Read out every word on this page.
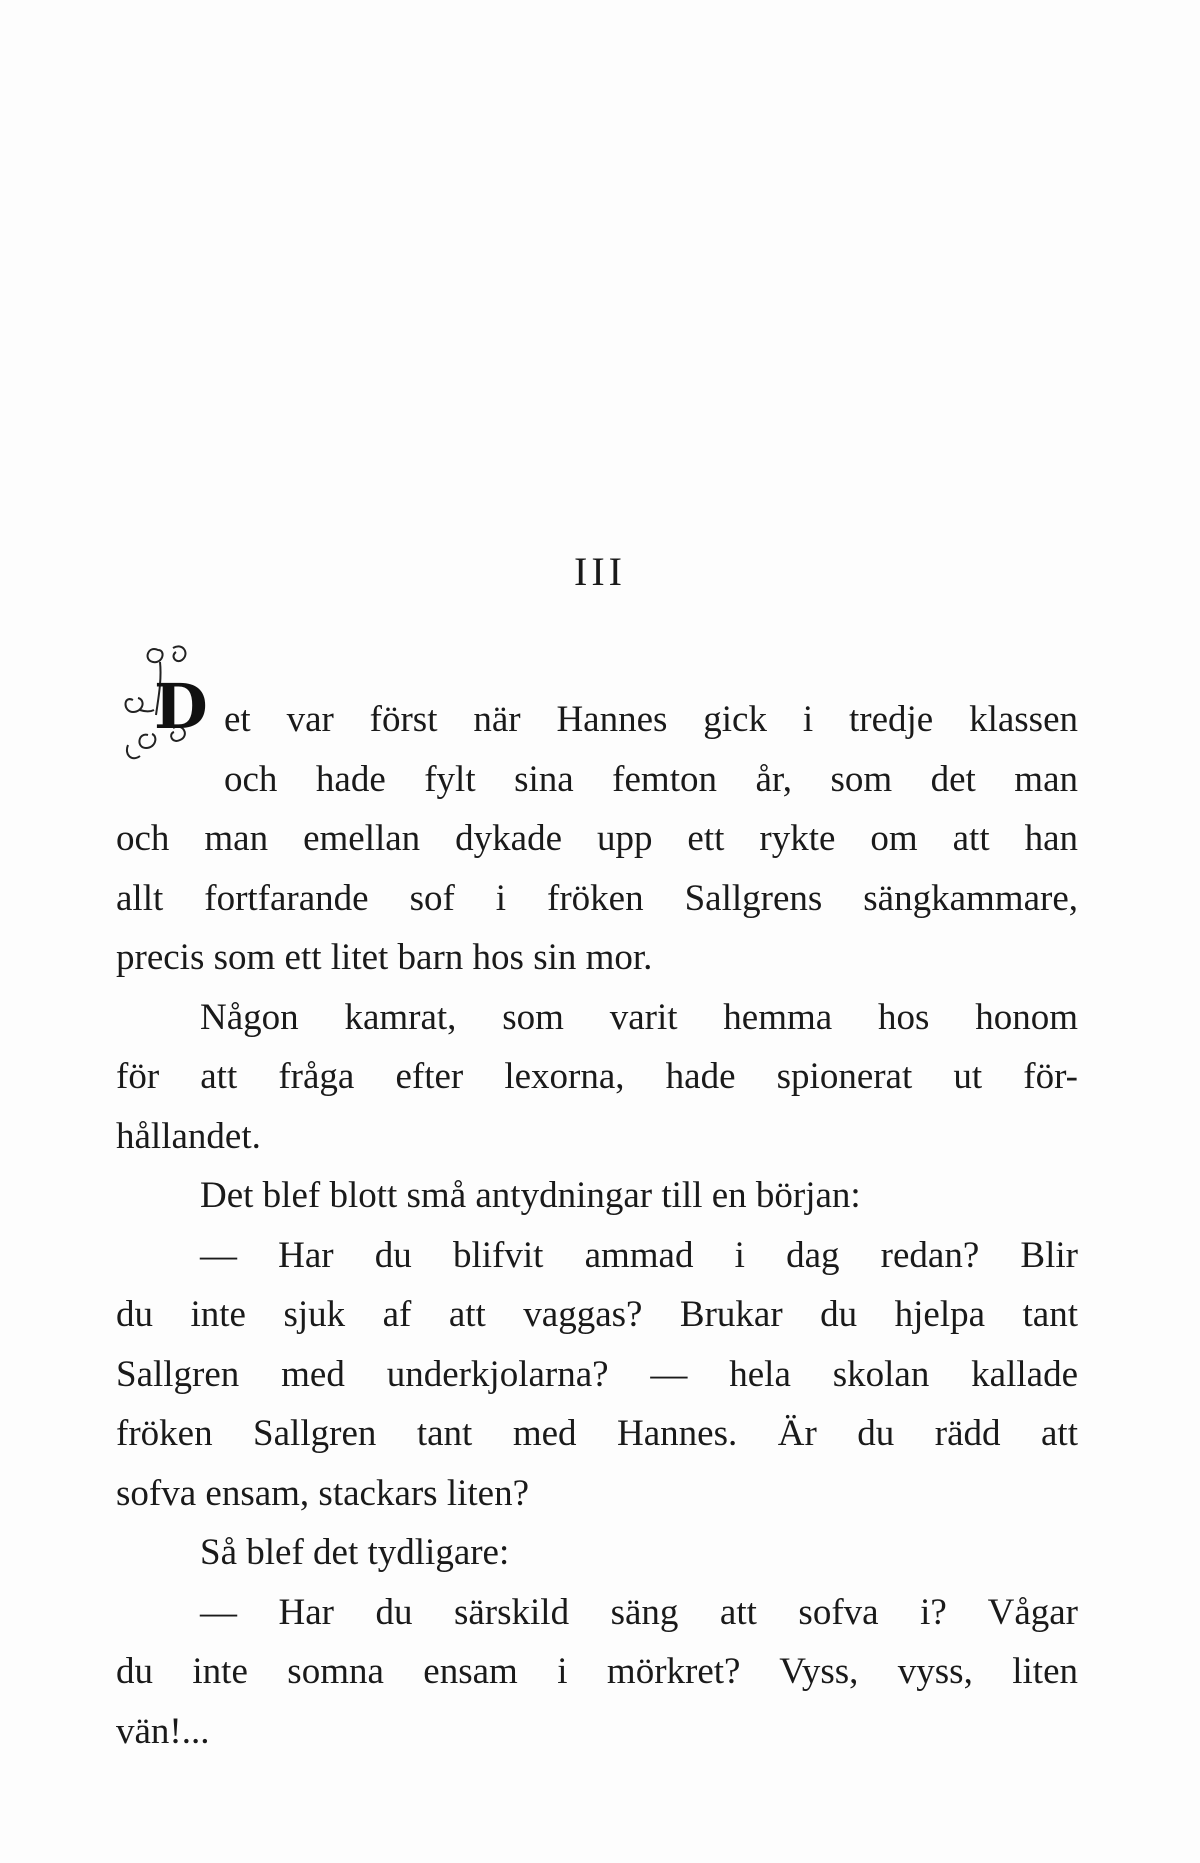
III
D et var först när Hannes gick i tredje klassen
och hade fylt sina femton år, som det man
och man emellan dykade upp ett rykte om att han
allt fortfarande sof i fröken Sallgrens sängkammare,
precis som ett litet barn hos sin mor.
Någon kamrat, som varit hemma hos honom
för att fråga efter lexorna, hade spionerat ut för-
hållandet.
Det blef blott små antydningar till en början:
— Har du blifvit ammad i dag redan? Blir
du inte sjuk af att vaggas? Brukar du hjelpa tant
Sallgren med underkjolarna? — hela skolan kallade
fröken Sallgren tant med Hannes. Är du rädd att
sofva ensam, stackars liten?
Så blef det tydligare:
— Har du särskild säng att sofva i? Vågar
du inte somna ensam i mörkret? Vyss, vyss, liten
vän!...
